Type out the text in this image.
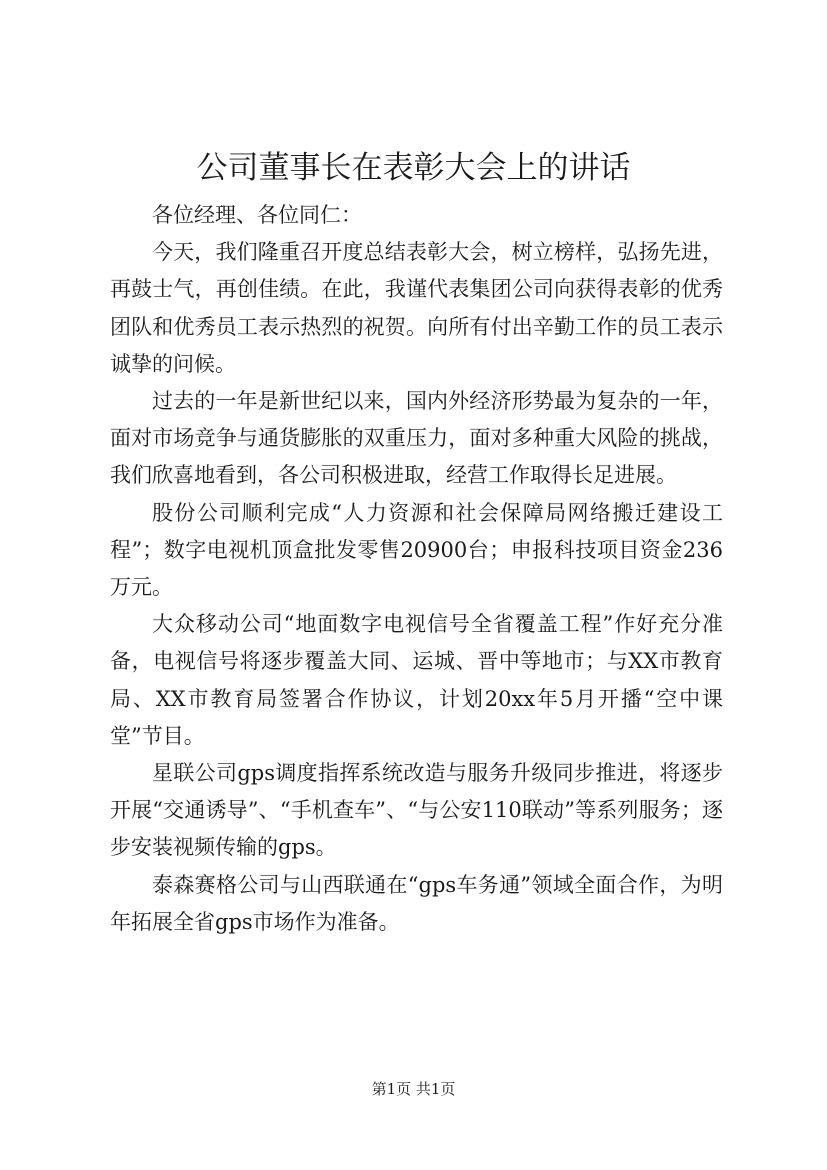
公司董事长在表彰大会上的讲话

各位经理、各位同仁：

今天，我们隆重召开度总结表彰大会，树立榜样，弘扬先进，再鼓士气，再创佳绩。在此，我谨代表集团公司向获得表彰的优秀团队和优秀员工表示热烈的祝贺。向所有付出辛勤工作的员工表示诚挚的问候。

过去的一年是新世纪以来，国内外经济形势最为复杂的一年，面对市场竞争与通货膨胀的双重压力，面对多种重大风险的挑战，我们欣喜地看到，各公司积极进取，经营工作取得长足进展。

股份公司顺利完成“人力资源和社会保障局网络搬迁建设工程”；数字电视机顶盒批发零售20900台；申报科技项目资金236万元。

大众移动公司“地面数字电视信号全省覆盖工程”作好充分准备，电视信号将逐步覆盖大同、运城、晋中等地市；与XX市教育局、XX市教育局签署合作协议，计划20xx年5月开播“空中课堂”节目。

星联公司gps调度指挥系统改造与服务升级同步推进，将逐步开展“交通诱导”、“手机查车”、“与公安110联动”等系列服务；逐步安装视频传输的gps。

泰森赛格公司与山西联通在“gps车务通”领域全面合作，为明年拓展全省gps市场作为准备。

第1页 共1页
